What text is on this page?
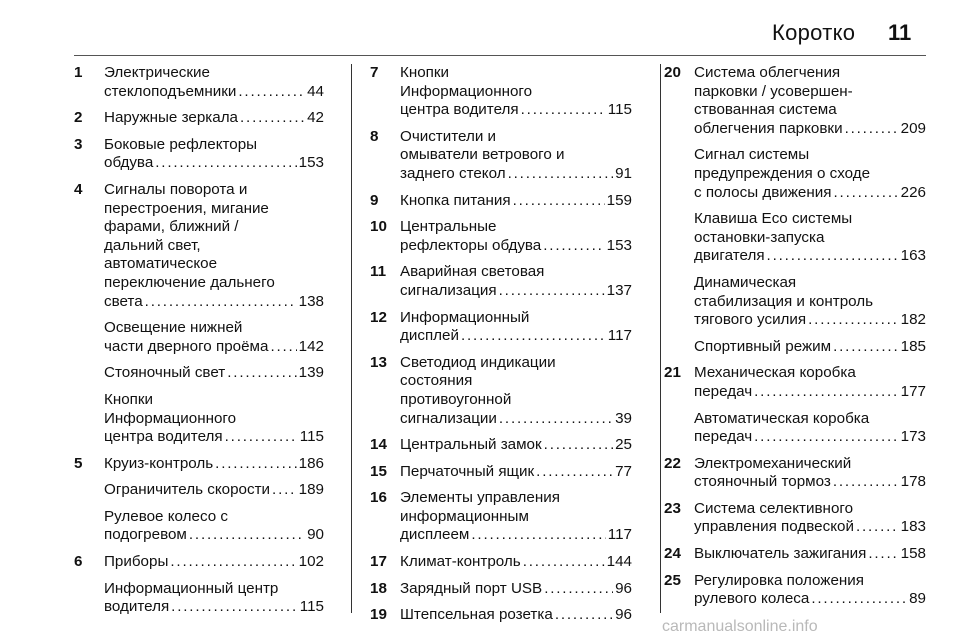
Коротко 11
1 Электрические
стеклоподъемники . . .	44
2 Наружные зеркала . . .	42
3 Боковые рефлекторы
обдува . . .	153
4 Сигналы поворота и
перестроения, мигание
фарами, ближний /
дальний свет,
автоматическое
переключение дальнего
света . . .	138
Освещение нижней
части дверного проёма . . . 142
Стояночный свет . . .	139
Кнопки
Информационного
центра водителя . . .	115
5 Круиз-контроль . . .	186
Ограничитель скорости . . . 189
Рулевое колесо с
подогревом . . .	90
6 Приборы . . .	102
Информационный центр
водителя . . .	115
7 Кнопки
Информационного
центра водителя . . .	115
8 Очистители и
омыватели ветрового и
заднего стекол . . .	91
9 Кнопка питания . . .	159
10 Центральные
рефлекторы обдува . . .	153
11 Аварийная световая
сигнализация . . .	137
12 Информационный
дисплей . . .	117
13 Светодиод индикации
состояния
противоугонной
сигнализации . . .	39
14 Центральный замок . . .	25
15 Перчаточный ящик . . .	77
16 Элементы управления
информационным
дисплеем . . .	117
17 Климат-контроль . . .	144
18 Зарядный порт USB . . .	96
19 Штепсельная розетка . . .	96
20 Система облегчения
парковки / усовершен-
ствованная система
облегчения парковки . . .	209
Сигнал системы
предупреждения о сходе
с полосы движения . . .	226
Клавиша Eco системы
остановки-запуска
двигателя . . .	163
Динамическая
стабилизация и контроль
тягового усилия . . .	182
Спортивный режим . . .	185
21 Механическая коробка
передач . . .	177
Автоматическая коробка
передач . . .	173
22 Электромеханический
стояночный тормоз . . .	178
23 Система селективного
управления подвеской . . .	183
24 Выключатель зажигания . . . 158
25 Регулировка положения
рулевого колеса . . .	89
carmanualsonline.info
